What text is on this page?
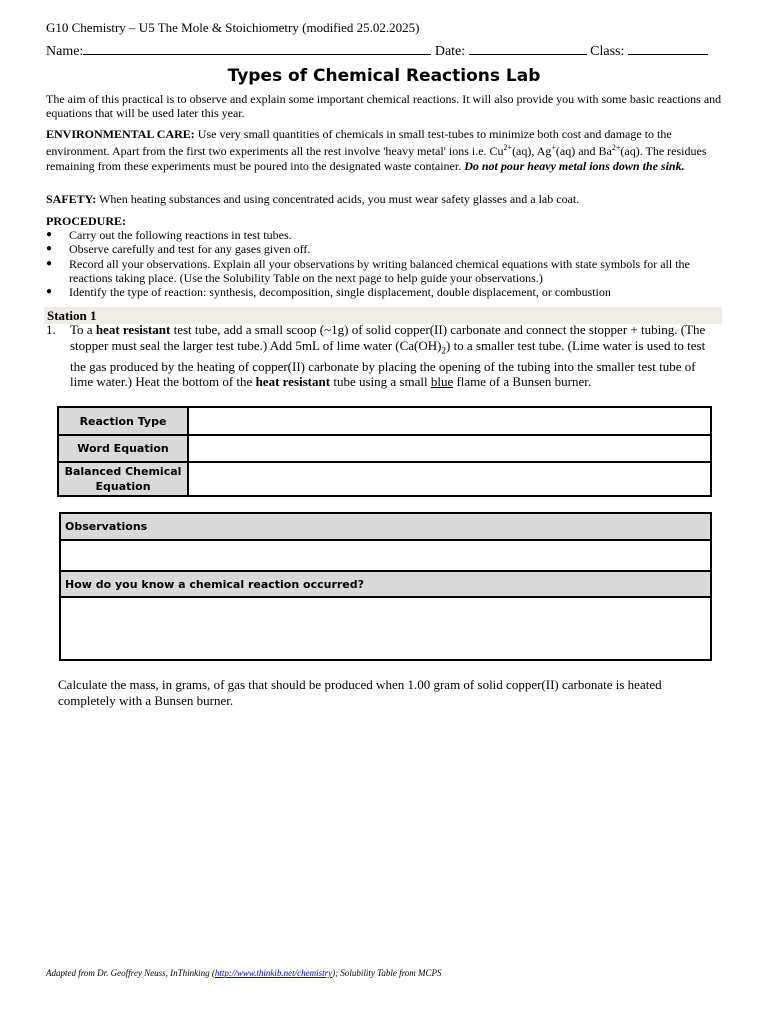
G10 Chemistry – U5 The Mole & Stoichiometry (modified 25.02.2025)
Name:	Date:	Class:
Types of Chemical Reactions Lab
The aim of this practical is to observe and explain some important chemical reactions. It will also provide you with some basic reactions and equations that will be used later this year.
ENVIRONMENTAL CARE: Use very small quantities of chemicals in small test-tubes to minimize both cost and damage to the environment. Apart from the first two experiments all the rest involve 'heavy metal' ions i.e. $Cu^{2+}(aq)$, Ag+(aq) and $Ba^{2+}(aq)$. The residues remaining from these experiments must be poured into the designated waste container. Do not pour heavy metal ions down the sink.
SAFETY: When heating substances and using concentrated acids, you must wear safety glasses and a lab coat.
PROCEDURE:
● Carry out the following reactions in test tubes.
● Observe carefully and test for any gases given off.
● Record all your observations. Explain all your observations by writing balanced chemical equations with state symbols for all the reactions taking place. (Use the Solubility Table on the next page to help guide your observations.)
● Identify the type of reaction: synthesis, decomposition, single displacement, double displacement, or combustion
Station 1
1. To a heat resistant test tube, add a small scoop (~1g) of solid copper(II) carbonate and connect the stopper + tubing. (The stopper must seal the larger test tube.) Add 5mL of lime water $(Ca(OH)_2)$ to a smaller test tube. (Lime water is used to test the gas produced by the heating of copper(II) carbonate by placing the opening of the tubing into the smaller test tube of lime water.) Heat the bottom of the heat resistant tube using a small blue flame of a Bunsen burner.
Reaction Type	
Word Equation	
Balanced Chemical Equation	
Observations

How do you know a chemical reaction occurred?

Calculate the mass, in grams, of gas that should be produced when 1.00 gram of solid copper(II) carbonate is heated completely with a Bunsen burner.
Adapted from Dr. Geoffrey Neuss, InThinking (http://www.thinkib.net/chemistry); Solubility Table from MCPS
